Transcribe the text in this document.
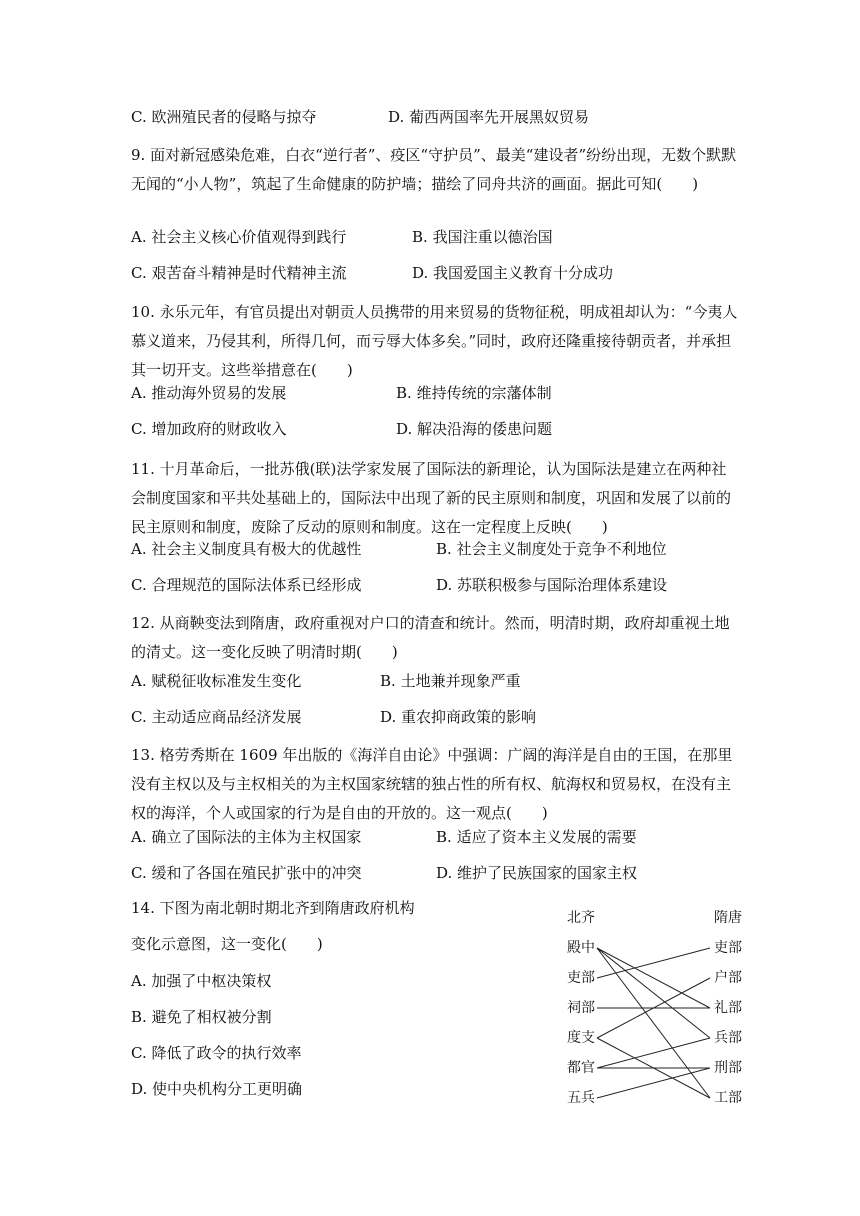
C. 欧洲殖民者的侵略与掠夺	D. 葡西两国率先开展黑奴贸易
9. 面对新冠感染危难，白衣“逆行者”、疫区“守护员”、最美“建设者”纷纷出现，无数个默默无闻的“小人物”，筑起了生命健康的防护墙；描绘了同舟共济的画面。据此可知(　　)
A. 社会主义核心价值观得到践行	B. 我国注重以德治国
C. 艰苦奋斗精神是时代精神主流	D. 我国爱国主义教育十分成功
10. 永乐元年，有官员提出对朝贡人员携带的用来贸易的货物征税，明成祖却认为：“今夷人慕义道来，乃侵其利，所得几何，而亏辱大体多矣。”同时，政府还隆重接待朝贡者，并承担其一切开支。这些举措意在(　　)
A. 推动海外贸易的发展	B. 维持传统的宗藩体制
C. 增加政府的财政收入	D. 解决沿海的倭患问题
11. 十月革命后，一批苏俄(联)法学家发展了国际法的新理论，认为国际法是建立在两种社会制度国家和平共处基础上的，国际法中出现了新的民主原则和制度，巩固和发展了以前的民主原则和制度，废除了反动的原则和制度。这在一定程度上反映(　　)
A. 社会主义制度具有极大的优越性	B. 社会主义制度处于竞争不利地位
C. 合理规范的国际法体系已经形成	D. 苏联积极参与国际治理体系建设
12. 从商鞅变法到隋唐，政府重视对户口的清查和统计。然而，明清时期，政府却重视土地的清丈。这一变化反映了明清时期(　　)
A. 赋税征收标准发生变化	B. 土地兼并现象严重
C. 主动适应商品经济发展	D. 重农抑商政策的影响
13. 格劳秀斯在 1609 年出版的《海洋自由论》中强调：广阔的海洋是自由的王国，在那里没有主权以及与主权相关的为主权国家统辖的独占性的所有权、航海权和贸易权，在没有主权的海洋，个人或国家的行为是自由的开放的。这一观点(　　)
A. 确立了国际法的主体为主权国家	B. 适应了资本主义发展的需要
C. 缓和了各国在殖民扩张中的冲突	D. 维护了民族国家的国家主权
14. 下图为南北朝时期北齐到隋唐政府机构
变化示意图，这一变化(　　)
A. 加强了中枢决策权
B. 避免了相权被分割
C. 降低了政令的执行效率
D. 使中央机构分工更明确
北齐	隋唐
殿中
吏部
祠部
度支
都官
五兵
吏部
户部
礼部
兵部
刑部
工部
